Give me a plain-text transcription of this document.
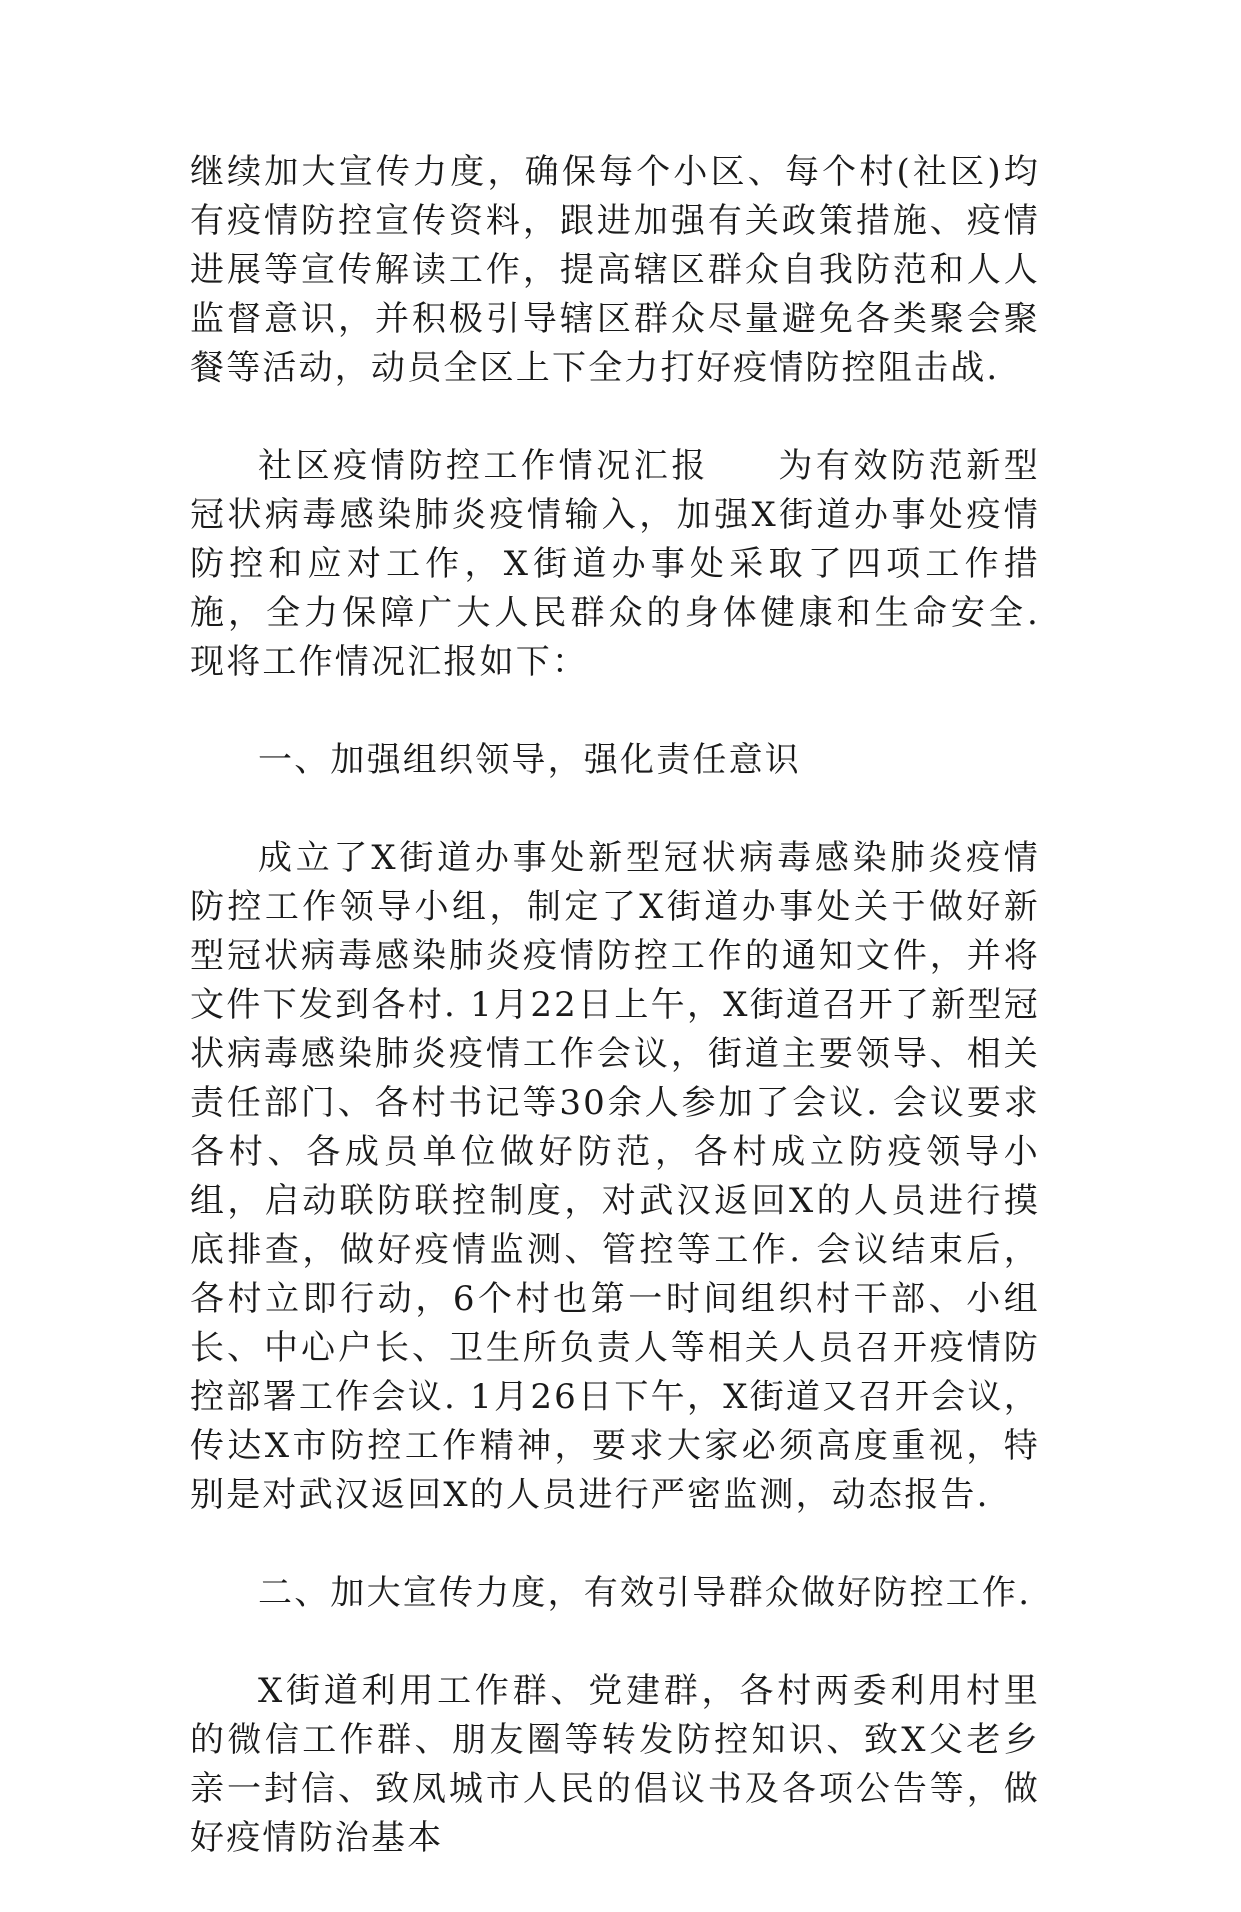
继续加大宣传力度，确保每个小区、每个村(社区)均有疫情防控宣传资料，跟进加强有关政策措施、疫情进展等宣传解读工作，提高辖区群众自我防范和人人监督意识，并积极引导辖区群众尽量避免各类聚会聚餐等活动，动员全区上下全力打好疫情防控阻击战.

社区疫情防控工作情况汇报 为有效防范新型冠状病毒感染肺炎疫情输入，加强X街道办事处疫情防控和应对工作，X街道办事处采取了四项工作措施，全力保障广大人民群众的身体健康和生命安全. 现将工作情况汇报如下：

一、加强组织领导，强化责任意识

成立了X街道办事处新型冠状病毒感染肺炎疫情防控工作领导小组，制定了X街道办事处关于做好新型冠状病毒感染肺炎疫情防控工作的通知文件，并将文件下发到各村. 1月22日上午，X街道召开了新型冠状病毒感染肺炎疫情工作会议，街道主要领导、相关责任部门、各村书记等30余人参加了会议. 会议要求各村、各成员单位做好防范，各村成立防疫领导小组，启动联防联控制度，对武汉返回X的人员进行摸底排查，做好疫情监测、管控等工作. 会议结束后，各村立即行动，6个村也第一时间组织村干部、小组长、中心户长、卫生所负责人等相关人员召开疫情防控部署工作会议. 1月26日下午，X街道又召开会议，传达X市防控工作精神，要求大家必须高度重视，特别是对武汉返回X的人员进行严密监测，动态报告.

二、加大宣传力度，有效引导群众做好防控工作.

X街道利用工作群、党建群，各村两委利用村里的微信工作群、朋友圈等转发防控知识、致X父老乡亲一封信、致凤城市人民的倡议书及各项公告等，做好疫情防治基本
